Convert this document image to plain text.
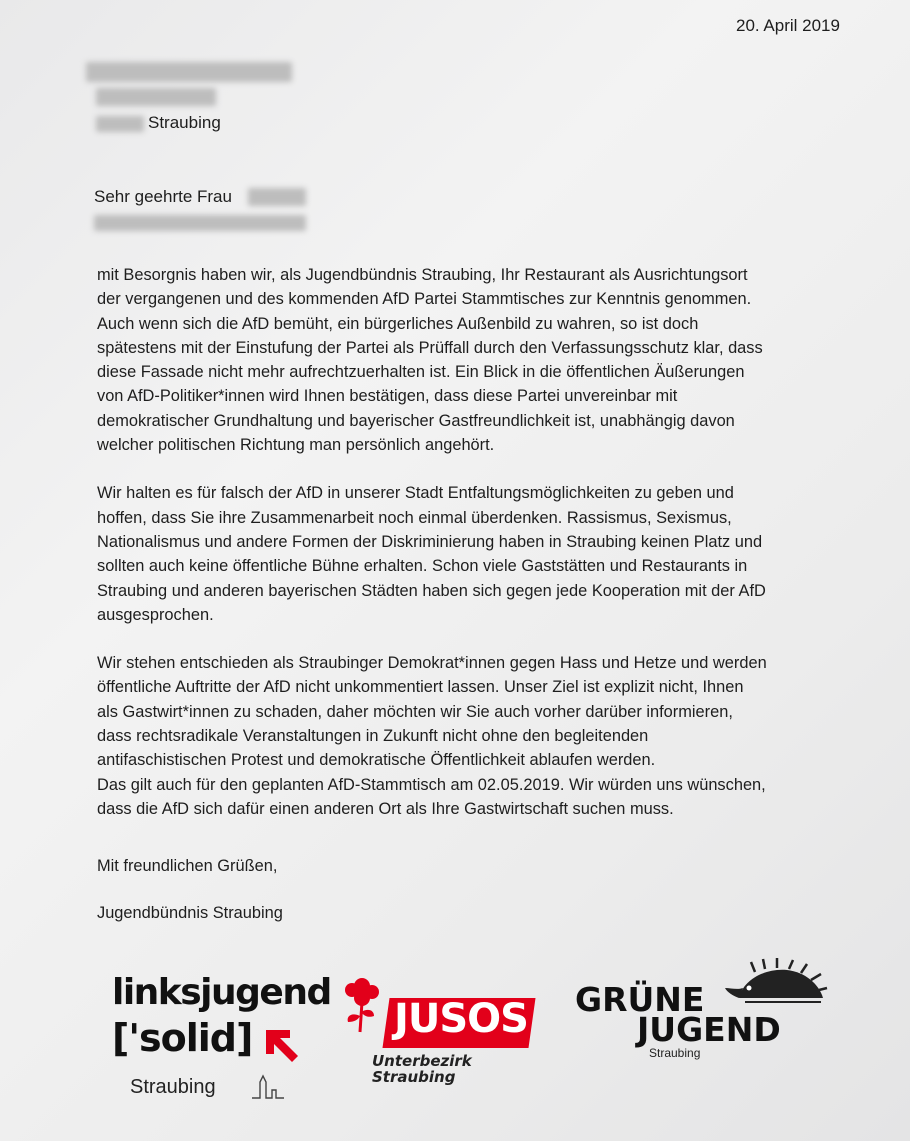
20. April 2019
Straubing
Sehr geehrte Frau

mit Besorgnis haben wir, als Jugendbündnis Straubing, Ihr Restaurant als Ausrichtungsort
der vergangenen und des kommenden AfD Partei Stammtisches zur Kenntnis genommen.
Auch wenn sich die AfD bemüht, ein bürgerliches Außenbild zu wahren, so ist doch
spätestens mit der Einstufung der Partei als Prüffall durch den Verfassungsschutz klar, dass
diese Fassade nicht mehr aufrechtzuerhalten ist. Ein Blick in die öffentlichen Äußerungen
von AfD-Politiker*innen wird Ihnen bestätigen, dass diese Partei unvereinbar mit
demokratischer Grundhaltung und bayerischer Gastfreundlichkeit ist, unabhängig davon
welcher politischen Richtung man persönlich angehört.

Wir halten es für falsch der AfD in unserer Stadt Entfaltungsmöglichkeiten zu geben und
hoffen, dass Sie ihre Zusammenarbeit noch einmal überdenken. Rassismus, Sexismus,
Nationalismus und andere Formen der Diskriminierung haben in Straubing keinen Platz und
sollten auch keine öffentliche Bühne erhalten. Schon viele Gaststätten und Restaurants in
Straubing und anderen bayerischen Städten haben sich gegen jede Kooperation mit der AfD
ausgesprochen.

Wir stehen entschieden als Straubinger Demokrat*innen gegen Hass und Hetze und werden
öffentliche Auftritte der AfD nicht unkommentiert lassen. Unser Ziel ist explizit nicht, Ihnen
als Gastwirt*innen zu schaden, daher möchten wir Sie auch vorher darüber informieren,
dass rechtsradikale Veranstaltungen in Zukunft nicht ohne den begleitenden
antifaschistischen Protest und demokratische Öffentlichkeit ablaufen werden.
Das gilt auch für den geplanten AfD-Stammtisch am 02.05.2019. Wir würden uns wünschen,
dass die AfD sich dafür einen anderen Ort als Ihre Gastwirtschaft suchen muss.

Mit freundlichen Grüßen,
Jugendbündnis Straubing
linksjugend
['solid]
Straubing
JUSOS
Unterbezirk
Straubing
GRÜNE
JUGEND
Straubing
